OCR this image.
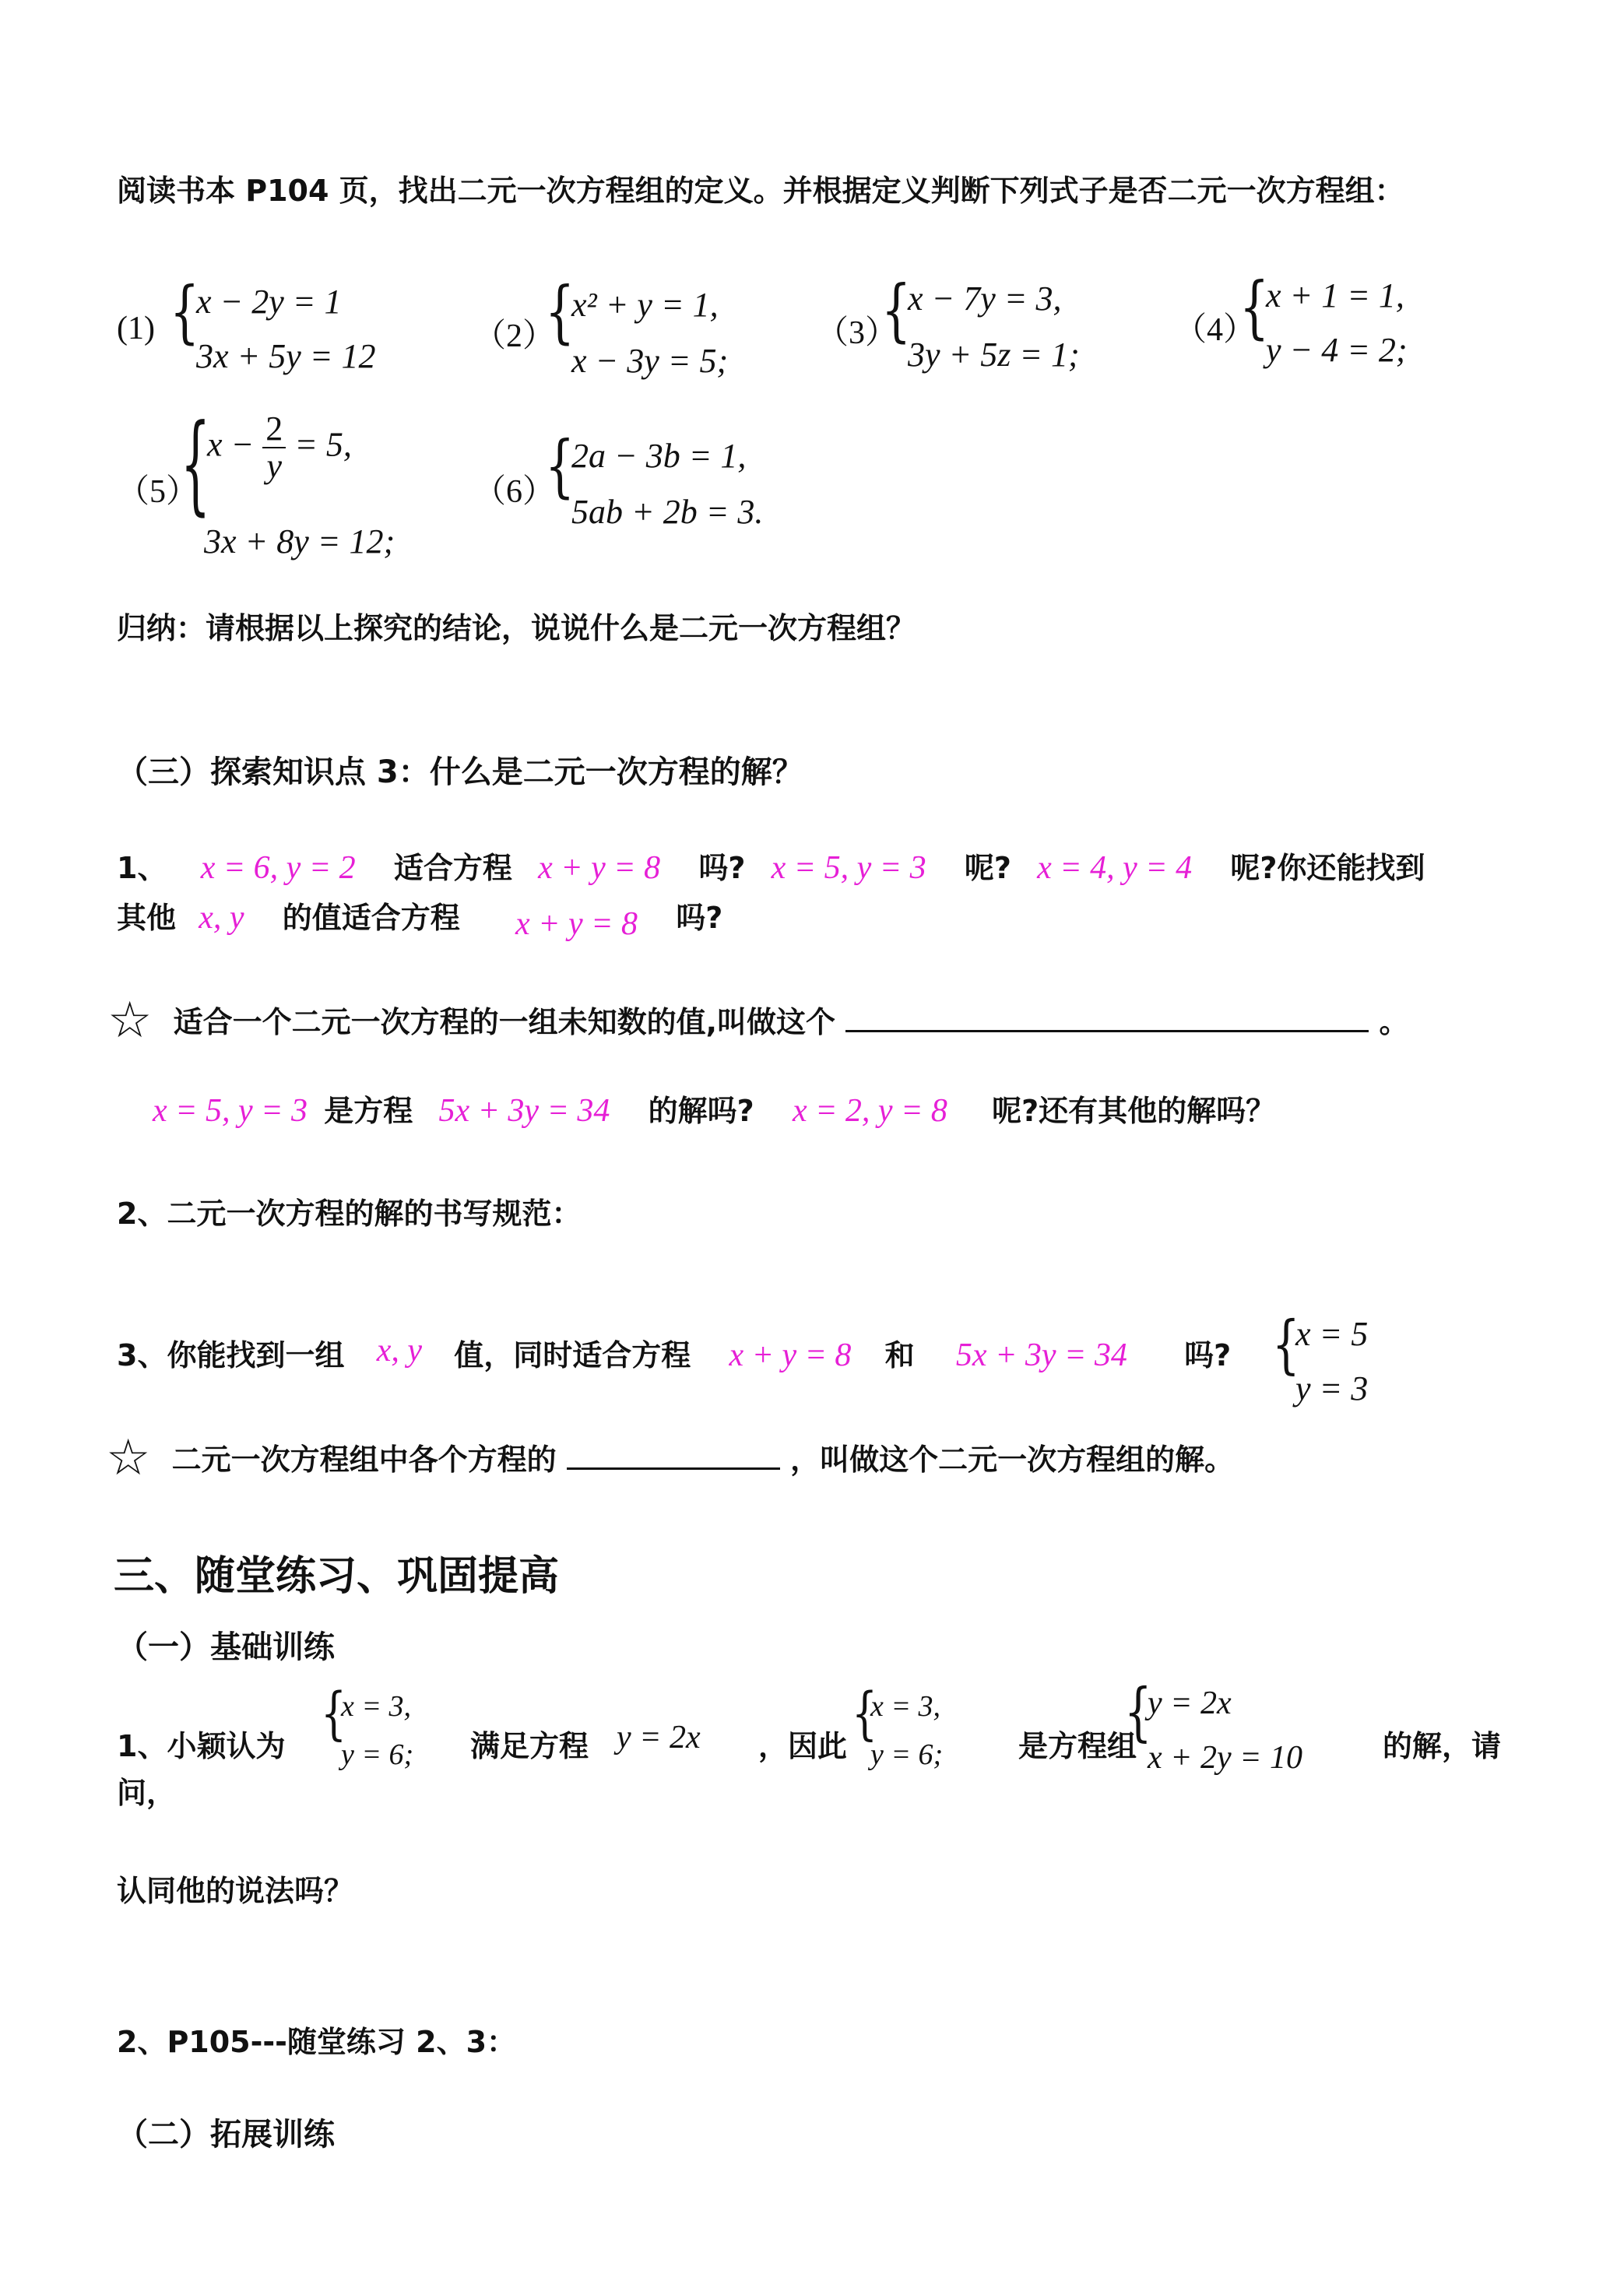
阅读书本 P104 页，找出二元一次方程组的定义。并根据定义判断下列式子是否二元一次方程组：
(1) {
x − 2y = 1
3x + 5y = 12
（2）
{
x² + y = 1,
x − 3y = 5;
（3）
{
x − 7y = 3,
3y + 5z = 1;
（4）
{
x + 1 = 1,
y − 4 = 2;
（5）
{
$x - \frac{2}{y} = 5$,
3x + 8y = 12;
（6）
{
2a − 3b = 1,
5ab + 2b = 3.
归纳：请根据以上探究的结论，说说什么是二元一次方程组？
（三）探索知识点 3：什么是二元一次方程的解？
1、 x = 6, y = 2 适合方程 x + y = 8 吗? x = 5, y = 3 呢? x = 4, y = 4 呢?你还能找到
其他 x, y 的值适合方程 x + y = 8 吗?
☆ 适合一个二元一次方程的一组未知数的值,叫做这个	。
x = 5, y = 3 是方程 5x + 3y = 34 的解吗? x = 2, y = 8 呢?还有其他的解吗？
2、二元一次方程的解的书写规范：
3、你能找到一组 x, y 值，同时适合方程 x + y = 8 和 5x + 3y = 34 吗? {
x = 5
y = 3
☆ 二元一次方程组中各个方程的	，叫做这个二元一次方程组的解。
三、随堂练习、巩固提高
（一）基础训练
1、小颖认为 {
x = 3,
y = 6; 满足方程 y = 2x ，因此 {
x = 3,
y = 6;	是方程组
{
y = 2x
x + 2y = 10	的解，请
问，
认同他的说法吗？
2、P105---随堂练习 2、3：
（二）拓展训练
